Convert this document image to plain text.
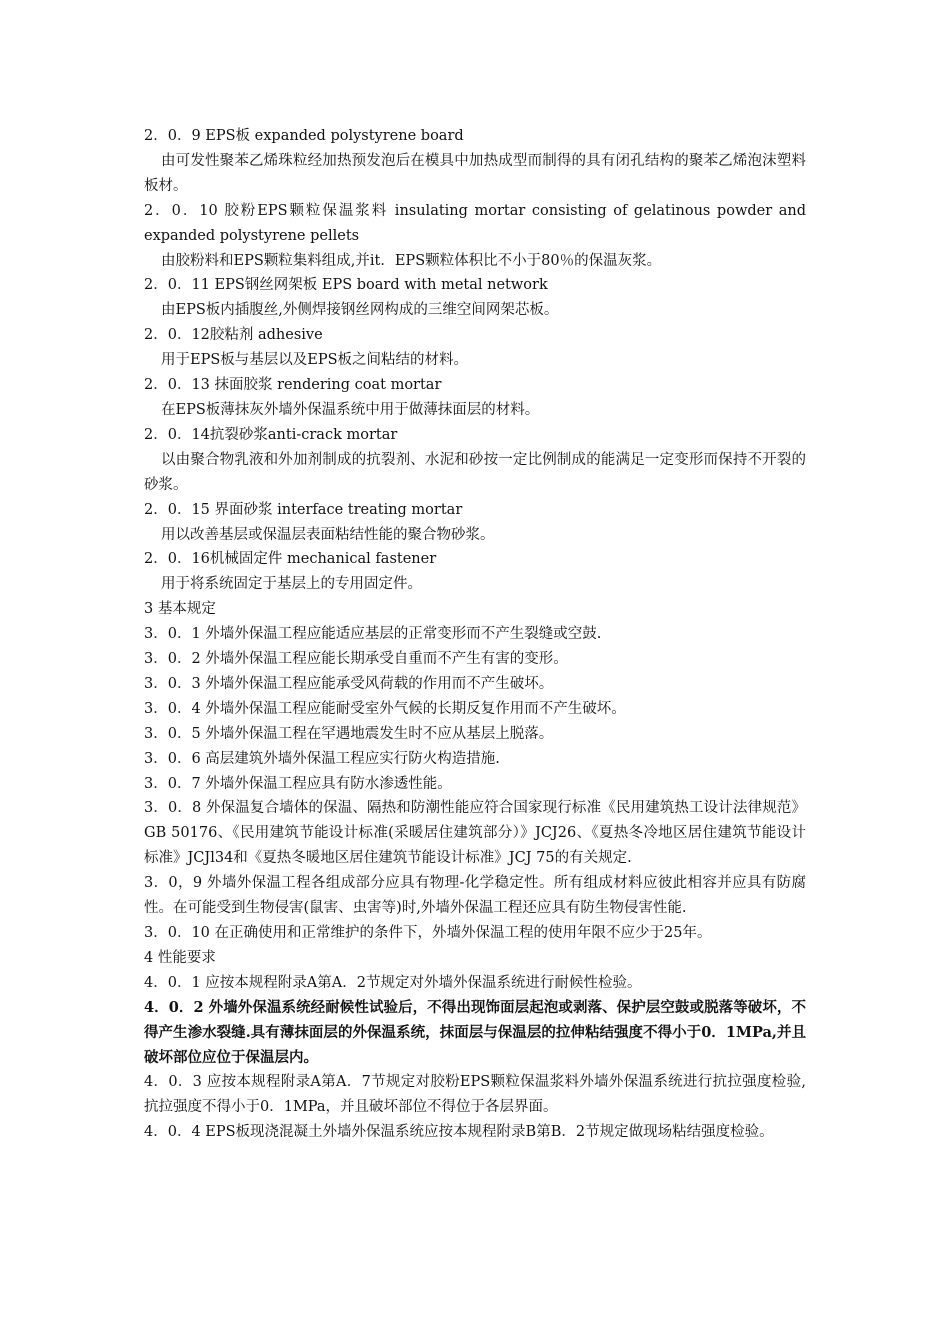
2．0．9 EPS板 expanded polystyrene board

由可发性聚苯乙烯珠粒经加热预发泡后在模具中加热成型而制得的具有闭孔结构的聚苯乙烯泡沫塑料板材。

2．0．10 胶粉EPS颗粒保温浆料 insulating mortar consisting of gelatinous powder and expanded polystyrene pellets

由胶粉料和EPS颗粒集料组成,并it．EPS颗粒体积比不小于80％的保温灰浆。

2．0．11 EPS钢丝网架板 EPS board with metal network

由EPS板内插腹丝,外侧焊接钢丝网构成的三维空间网架芯板。

2．0．12胶粘剂 adhesive

用于EPS板与基层以及EPS板之间粘结的材料。

2．0．13 抹面胶浆 rendering coat mortar

在EPS板薄抹灰外墙外保温系统中用于做薄抹面层的材料。

2．0．14抗裂砂浆anti-crack mortar

以由聚合物乳液和外加剂制成的抗裂剂、水泥和砂按一定比例制成的能满足一定变形而保持不开裂的砂浆。

2．0．15 界面砂浆 interface treating mortar

用以改善基层或保温层表面粘结性能的聚合物砂浆。

2．0．16机械固定件 mechanical fastener

用于将系统固定于基层上的专用固定件。

3 基本规定

3．0．1 外墙外保温工程应能适应基层的正常变形而不产生裂缝或空鼓.

3．0．2 外墙外保温工程应能长期承受自重而不产生有害的变形。

3．0．3 外墙外保温工程应能承受风荷载的作用而不产生破坏。

3．0．4 外墙外保温工程应能耐受室外气候的长期反复作用而不产生破坏。

3．0．5 外墙外保温工程在罕遇地震发生时不应从基层上脱落。

3．0．6 高层建筑外墙外保温工程应实行防火构造措施.

3．0．7 外墙外保温工程应具有防水渗透性能。

3．0．8 外保温复合墙体的保温、隔热和防潮性能应符合国家现行标准《民用建筑热工设计法律规范》GB 50176、《民用建筑节能设计标准(采暖居住建筑部分）》JCJ26、《夏热冬冷地区居住建筑节能设计标准》JCJl34和《夏热冬暖地区居住建筑节能设计标准》JCJ 75的有关规定.

3．0，9 外墙外保温工程各组成部分应具有物理-化学稳定性。所有组成材料应彼此相容并应具有防腐性。在可能受到生物侵害(鼠害、虫害等)时,外墙外保温工程还应具有防生物侵害性能.

3．0．10 在正确使用和正常维护的条件下，外墙外保温工程的使用年限不应少于25年。

4 性能要求

4．0．1 应按本规程附录A第A．2节规定对外墙外保温系统进行耐候性检验。

4．0．2 外墙外保温系统经耐候性试验后，不得出现饰面层起泡或剥落、保护层空鼓或脱落等破坏，不得产生渗水裂缝.具有薄抹面层的外保温系统，抹面层与保温层的拉伸粘结强度不得小于0．1MPa,并且破坏部位应位于保温层内。

4．0．3 应按本规程附录A第A．7节规定对胶粉EPS颗粒保温浆料外墙外保温系统进行抗拉强度检验,抗拉强度不得小于0．1MPa，并且破坏部位不得位于各层界面。

4．0．4 EPS板现浇混凝土外墙外保温系统应按本规程附录B第B．2节规定做现场粘结强度检验。
